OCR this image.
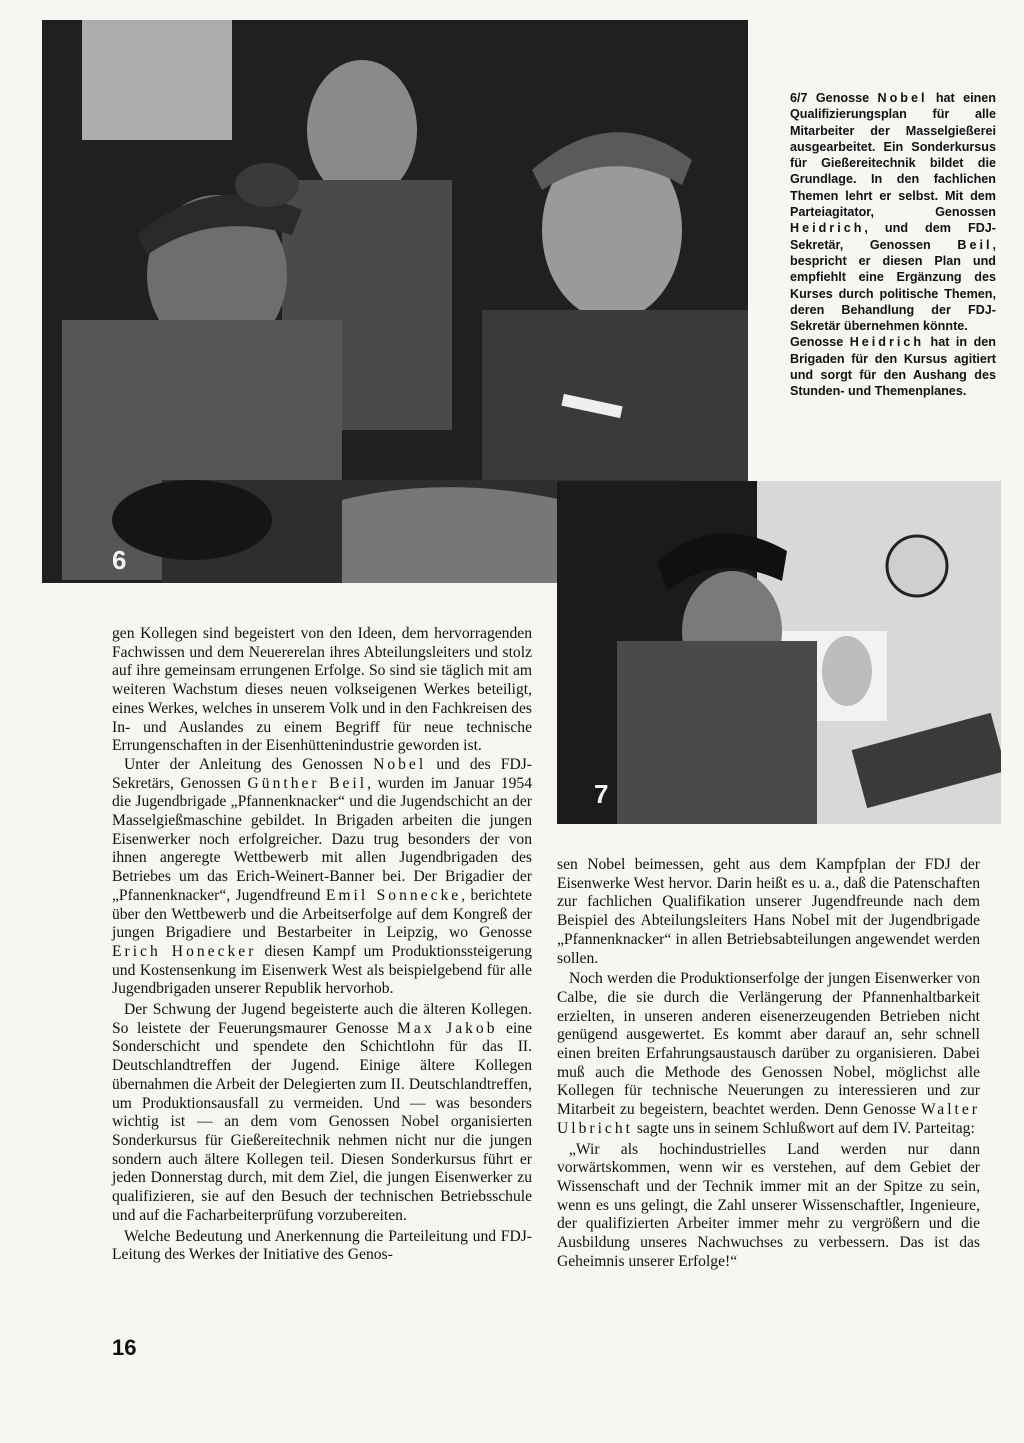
6

6/7 Genosse Nobel hat einen Qualifizierungsplan für alle Mitarbeiter der Masselgießerei ausgearbeitet. Ein Sonderkursus für Gießereitechnik bildet die Grundlage. In den fachlichen Themen lehrt er selbst. Mit dem Parteiagitator, Genossen Heidrich, und dem FDJ-Sekretär, Genossen Beil, bespricht er diesen Plan und empfiehlt eine Ergänzung des Kurses durch politische Themen, deren Behandlung der FDJ-Sekretär übernehmen könnte.

Genosse Heidrich hat in den Brigaden für den Kursus agitiert und sorgt für den Aushang des Stunden- und Themenplanes.

7

gen Kollegen sind begeistert von den Ideen, dem hervorragenden Fachwissen und dem Neuererelan ihres Abteilungsleiters und stolz auf ihre gemeinsam errungenen Erfolge. So sind sie täglich mit am weiteren Wachstum dieses neuen volkseigenen Werkes beteiligt, eines Werkes, welches in unserem Volk und in den Fachkreisen des In- und Auslandes zu einem Begriff für neue technische Errungenschaften in der Eisenhüttenindustrie geworden ist.

Unter der Anleitung des Genossen Nobel und des FDJ-Sekretärs, Genossen Günther Beil, wurden im Januar 1954 die Jugendbrigade „Pfannenknacker“ und die Jugendschicht an der Masselgießmaschine gebildet. In Brigaden arbeiten die jungen Eisenwerker noch erfolgreicher. Dazu trug besonders der von ihnen angeregte Wettbewerb mit allen Jugendbrigaden des Betriebes um das Erich-Weinert-Banner bei. Der Brigadier der „Pfannenknacker“, Jugendfreund Emil Sonnecke, berichtete über den Wettbewerb und die Arbeitserfolge auf dem Kongreß der jungen Brigadiere und Bestarbeiter in Leipzig, wo Genosse Erich Honecker diesen Kampf um Produktionssteigerung und Kostensenkung im Eisenwerk West als beispielgebend für alle Jugendbrigaden unserer Republik hervorhob.

Der Schwung der Jugend begeisterte auch die älteren Kollegen. So leistete der Feuerungsmaurer Genosse Max Jakob eine Sonderschicht und spendete den Schichtlohn für das II. Deutschlandtreffen der Jugend. Einige ältere Kollegen übernahmen die Arbeit der Delegierten zum II. Deutschlandtreffen, um Produktionsausfall zu vermeiden. Und — was besonders wichtig ist — an dem vom Genossen Nobel organisierten Sonderkursus für Gießereitechnik nehmen nicht nur die jungen sondern auch ältere Kollegen teil. Diesen Sonderkursus führt er jeden Donnerstag durch, mit dem Ziel, die jungen Eisenwerker zu qualifizieren, sie auf den Besuch der technischen Betriebsschule und auf die Facharbeiterprüfung vorzubereiten.

Welche Bedeutung und Anerkennung die Parteileitung und FDJ-Leitung des Werkes der Initiative des Genos-

sen Nobel beimessen, geht aus dem Kampfplan der FDJ der Eisenwerke West hervor. Darin heißt es u. a., daß die Patenschaften zur fachlichen Qualifikation unserer Jugendfreunde nach dem Beispiel des Abteilungsleiters Hans Nobel mit der Jugendbrigade „Pfannenknacker“ in allen Betriebsabteilungen angewendet werden sollen.

Noch werden die Produktionserfolge der jungen Eisenwerker von Calbe, die sie durch die Verlängerung der Pfannenhaltbarkeit erzielten, in unseren anderen eisenerzeugenden Betrieben nicht genügend ausgewertet. Es kommt aber darauf an, sehr schnell einen breiten Erfahrungsaustausch darüber zu organisieren. Dabei muß auch die Methode des Genossen Nobel, möglichst alle Kollegen für technische Neuerungen zu interessieren und zur Mitarbeit zu begeistern, beachtet werden. Denn Genosse Walter Ulbricht sagte uns in seinem Schlußwort auf dem IV. Parteitag:

„Wir als hochindustrielles Land werden nur dann vorwärtskommen, wenn wir es verstehen, auf dem Gebiet der Wissenschaft und der Technik immer mit an der Spitze zu sein, wenn es uns gelingt, die Zahl unserer Wissenschaftler, Ingenieure, der qualifizierten Arbeiter immer mehr zu vergrößern und die Ausbildung unseres Nachwuchses zu verbessern. Das ist das Geheimnis unserer Erfolge!“

16
